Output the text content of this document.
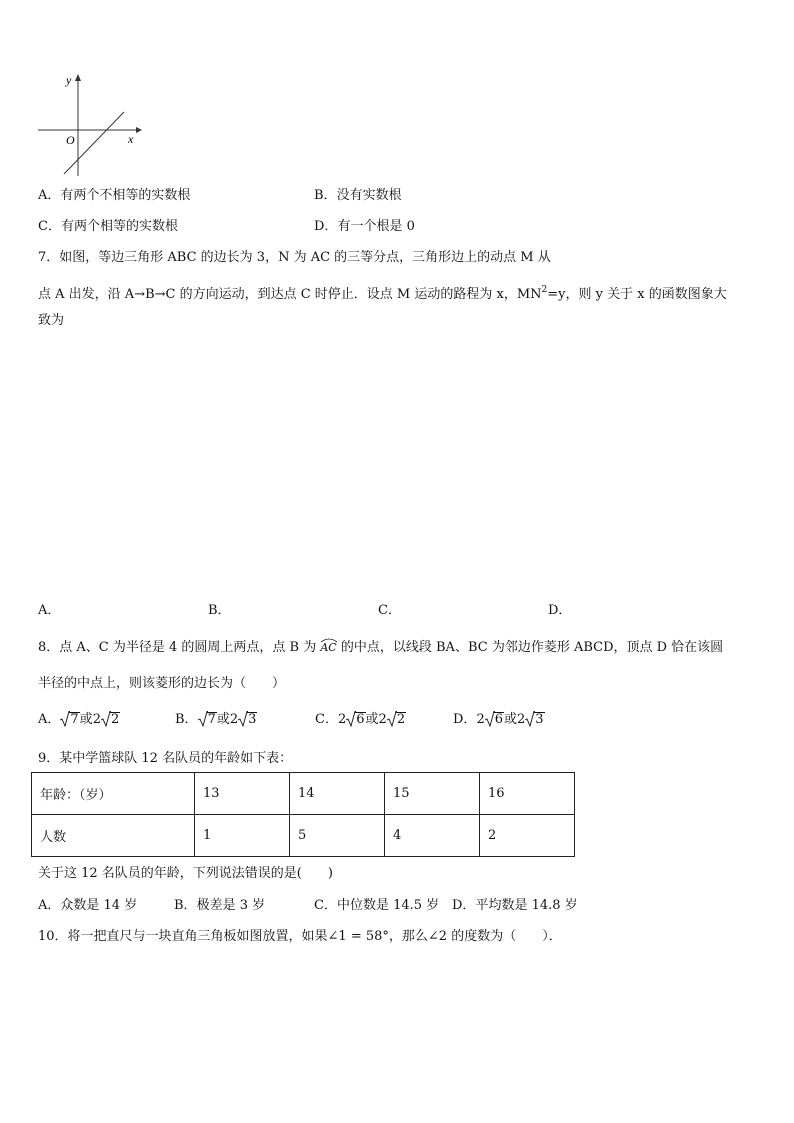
y
x
O
A．有两个不相等的实数根	B．没有实数根
C．有两个相等的实数根	D．有一个根是 0
7．如图，等边三角形 ABC 的边长为 3，N 为 AC 的三等分点，三角形边上的动点 M 从
点 A 出发，沿 A→B→C 的方向运动，到达点 C 时停止．设点 M 运动的路程为 x，$MN^2=y$，则 y 关于 x 的函数图象大
致为
A．	B．	C．	D．
8．点 A、C 为半径是 4 的圆周上两点，点 B 为
AC 的中点，以线段 BA、BC 为邻边作菱形 ABCD，顶点 D 恰在该圆
半径的中点上，则该菱形的边长为（　　）
A． 7或2 2	B． 7或2 3	C．2 6或2 2	D．2 6或2 3
9．某中学篮球队 12 名队员的年龄如下表：
年龄：（岁）	13	14	15	16
人数	1	5	4	2
关于这 12 名队员的年龄，下列说法错误的是(　　)
A．众数是 14 岁	B．极差是 3 岁	C．中位数是 14.5 岁 D．平均数是 14.8 岁
10．将一把直尺与一块直角三角板如图放置，如果∠1 = 58°，那么∠2 的度数为（　　）．
